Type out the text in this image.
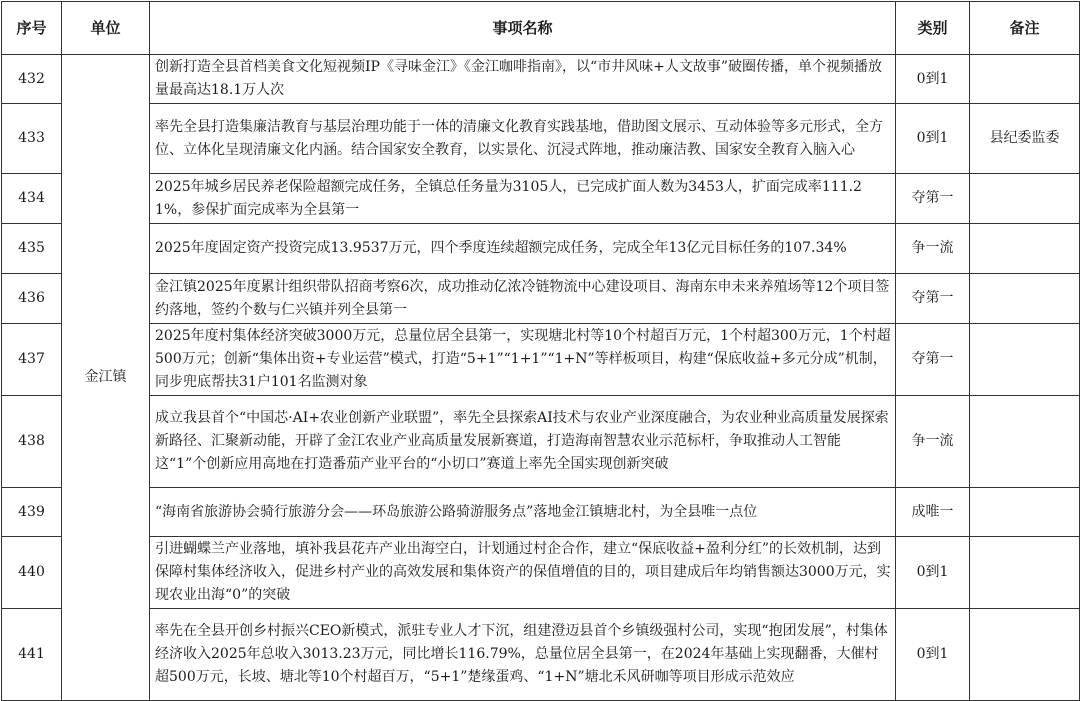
序号	单位	事项名称	类别	备注
432	金江镇	创新打造全县首档美食文化短视频IP《寻味金江》《金江咖啡指南》，以“市井风味+人文故事”破圈传播，单个视频播放量最高达18.1万人次	0到1	
433		率先全县打造集廉洁教育与基层治理功能于一体的清廉文化教育实践基地，借助图文展示、互动体验等多元形式，全方位、立体化呈现清廉文化内涵。结合国家安全教育，以实景化、沉浸式阵地，推动廉洁教、国家安全教育入脑入心	0到1	县纪委监委
434		2025年城乡居民养老保险超额完成任务，全镇总任务量为3105人，已完成扩面人数为3453人，扩面完成率111.21%，参保扩面完成率为全县第一	夺第一	
435		2025年度固定资产投资完成13.9537万元，四个季度连续超额完成任务，完成全年13亿元目标任务的107.34%	争一流	
436		金江镇2025年度累计组织带队招商考察6次，成功推动亿浓冷链物流中心建设项目、海南东申未来养殖场等12个项目签约落地，签约个数与仁兴镇并列全县第一	夺第一	
437		2025年度村集体经济突破3000万元，总量位居全县第一，实现塘北村等10个村超百万元，1个村超300万元，1个村超500万元；创新“集体出资+专业运营”模式，打造“5+1”“1+1”“1+N”等样板项目，构建“保底收益+多元分成”机制，同步兜底帮扶31户101名监测对象	夺第一	
438		成立我县首个“中国芯·AI+农业创新产业联盟”，率先全县探索AI技术与农业产业深度融合，为农业种业高质量发展探索新路径、汇聚新动能，开辟了金江农业产业高质量发展新赛道，打造海南智慧农业示范标杆，争取推动人工智能这“1”个创新应用高地在打造番茄产业平台的“小切口”赛道上率先全国实现创新突破	争一流	
439		“海南省旅游协会骑行旅游分会——环岛旅游公路骑游服务点”落地金江镇塘北村，为全县唯一点位	成唯一	
440		引进蝴蝶兰产业落地，填补我县花卉产业出海空白，计划通过村企合作，建立“保底收益+盈利分红”的长效机制，达到保障村集体经济收入，促进乡村产业的高效发展和集体资产的保值增值的目的，项目建成后年均销售额达3000万元，实现农业出海“0”的突破	0到1	
441		率先在全县开创乡村振兴CEO新模式，派驻专业人才下沉，组建澄迈县首个乡镇级强村公司，实现“抱团发展”，村集体经济收入2025年总收入3013.23万元，同比增长116.79%，总量位居全县第一，在2024年基础上实现翻番，大催村超500万元，长坡、塘北等10个村超百万，“5+1”楚缘蛋鸡、“1+N”塘北禾风研咖等项目形成示范效应	0到1	
